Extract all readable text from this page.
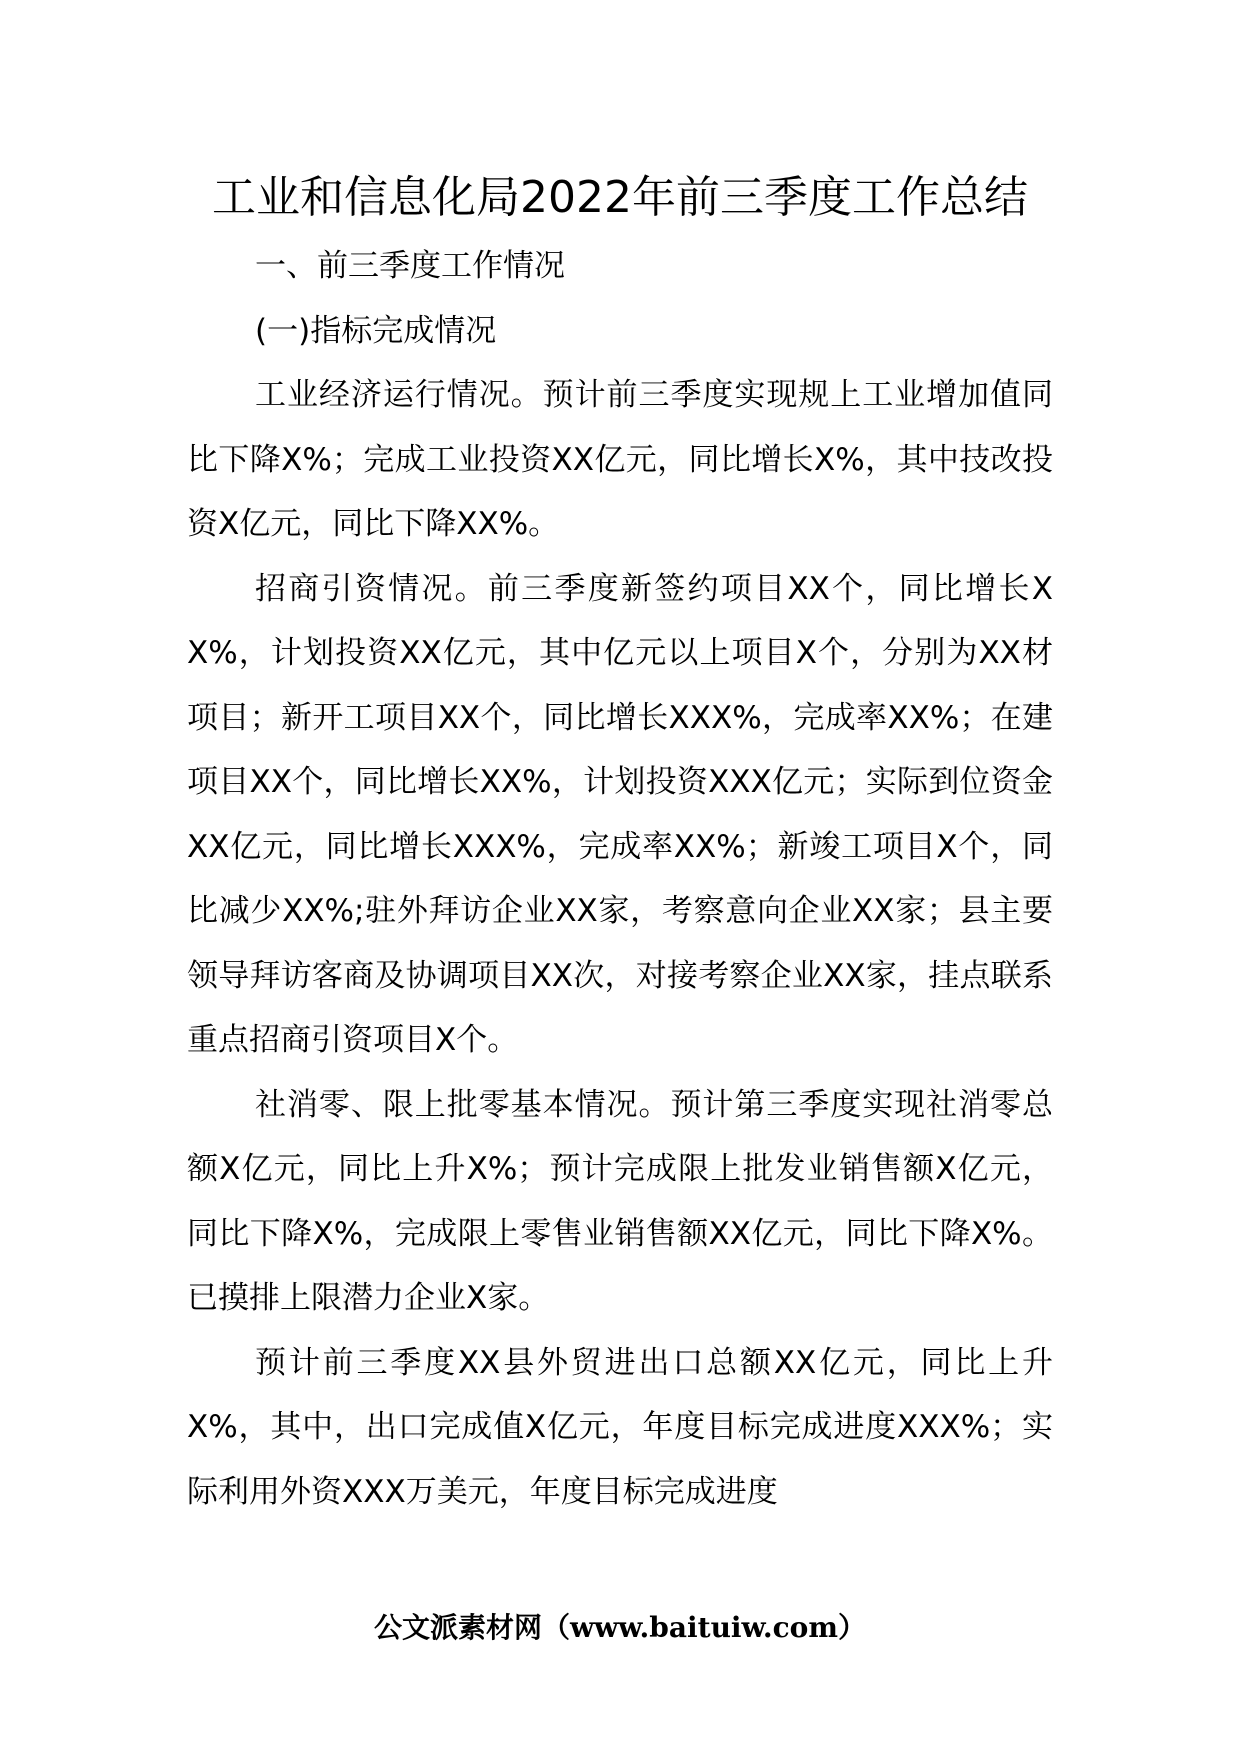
工业和信息化局2022年前三季度工作总结

一、前三季度工作情况

(一)指标完成情况

工业经济运行情况。预计前三季度实现规上工业增加值同比下降X%；完成工业投资XX亿元，同比增长X%，其中技改投资X亿元，同比下降XX%。

招商引资情况。前三季度新签约项目XX个，同比增长XX%，计划投资XX亿元，其中亿元以上项目X个，分别为XX材项目；新开工项目XX个，同比增长XXX%，完成率XX%；在建项目XX个，同比增长XX%，计划投资XXX亿元；实际到位资金XX亿元，同比增长XXX%，完成率XX%；新竣工项目X个，同比减少XX%;驻外拜访企业XX家，考察意向企业XX家；县主要领导拜访客商及协调项目XX次，对接考察企业XX家，挂点联系重点招商引资项目X个。

社消零、限上批零基本情况。预计第三季度实现社消零总额X亿元，同比上升X%；预计完成限上批发业销售额X亿元，同比下降X%，完成限上零售业销售额XX亿元，同比下降X%。已摸排上限潜力企业X家。

预计前三季度XX县外贸进出口总额XX亿元，同比上升X%，其中，出口完成值X亿元，年度目标完成进度XXX%；实际利用外资XXX万美元，年度目标完成进度

公文派素材网（www.baituiw.com）
